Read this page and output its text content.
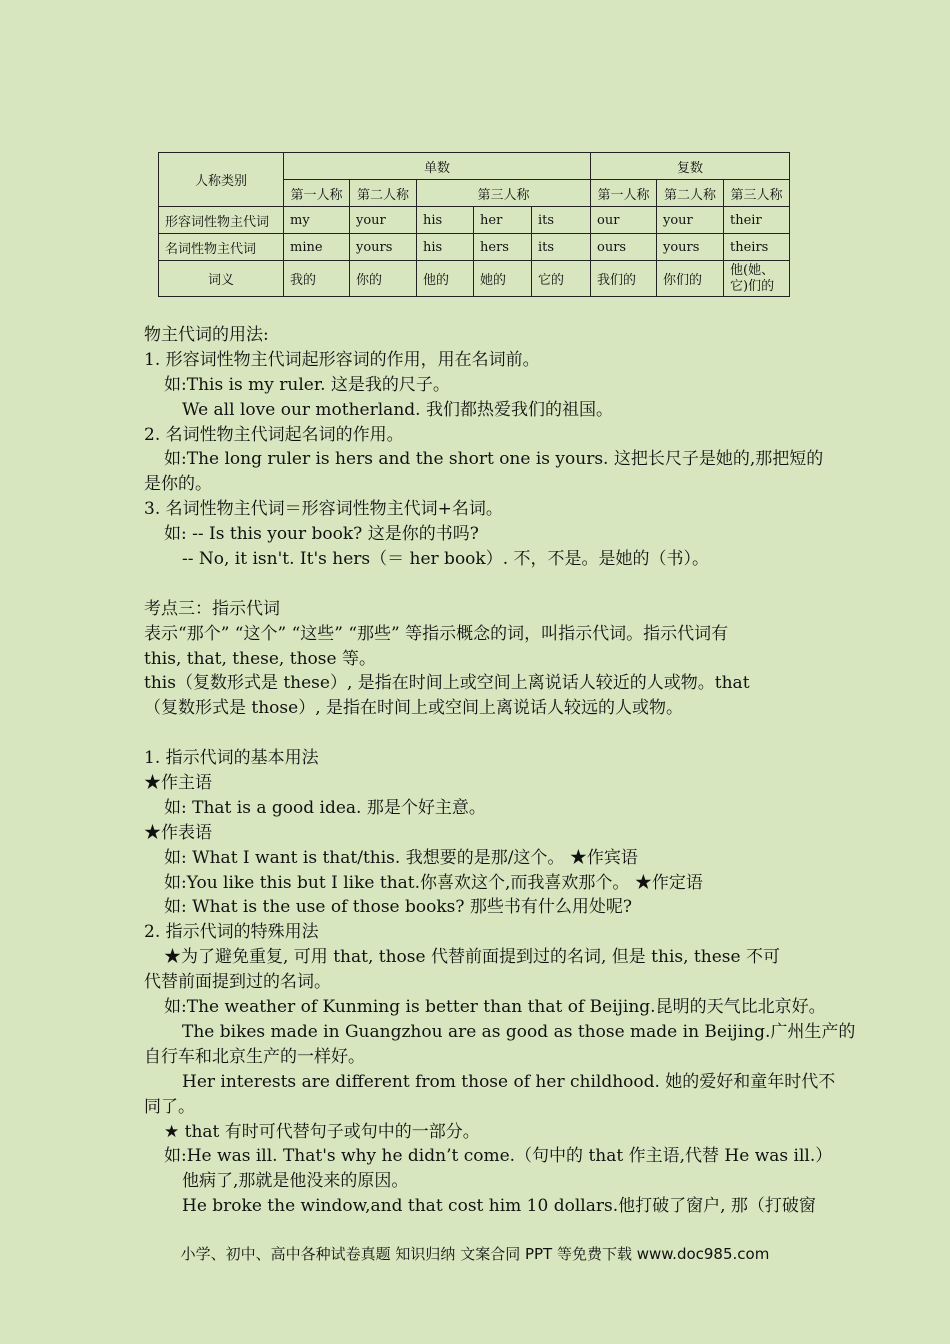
人称类别	单数					复数		
	第一人称	第二人称	第三人称			第一人称	第二人称	第三人称
形容词性物主代词	my	your	his	her	its	our	your	their
名词性物主代词	mine	yours	his	hers	its	ours	yours	theirs
词义	我的	你的	他的	她的	它的	我们的	你们的	他(她、它)们的
物主代词的用法:
1. 形容词性物主代词起形容词的作用，用在名词前。
如:This is my ruler. 这是我的尺子。
We all love our motherland. 我们都热爱我们的祖国。
2. 名词性物主代词起名词的作用。
如:The long ruler is hers and the short one is yours. 这把长尺子是她的,那把短的
是你的。
3. 名词性物主代词＝形容词性物主代词+名词。
如: -- Is this your book? 这是你的书吗?
-- No, it isn't. It's hers（＝ her book）. 不，不是。是她的（书）。
考点三：指示代词
表示“那个” “这个” “这些” “那些” 等指示概念的词，叫指示代词。指示代词有
this, that, these, those 等。
this（复数形式是 these）, 是指在时间上或空间上离说话人较近的人或物。that
（复数形式是 those）, 是指在时间上或空间上离说话人较远的人或物。
1. 指示代词的基本用法
★作主语
如: That is a good idea. 那是个好主意。
★作表语
如: What I want is that/this. 我想要的是那/这个。 ★作宾语
如:You like this but I like that.你喜欢这个,而我喜欢那个。 ★作定语
如: What is the use of those books? 那些书有什么用处呢?
2. 指示代词的特殊用法
★为了避免重复, 可用 that, those 代替前面提到过的名词, 但是 this, these 不可
代替前面提到过的名词。
如:The weather of Kunming is better than that of Beijing.昆明的天气比北京好。
The bikes made in Guangzhou are as good as those made in Beijing.广州生产的
自行车和北京生产的一样好。
Her interests are different from those of her childhood. 她的爱好和童年时代不
同了。
★ that 有时可代替句子或句中的一部分。
如:He was ill. That's why he didn’t come.（句中的 that 作主语,代替 He was ill.）
他病了,那就是他没来的原因。
He broke the window,and that cost him 10 dollars.他打破了窗户, 那（打破窗
小学、初中、高中各种试卷真题 知识归纳 文案合同 PPT 等免费下载 www.doc985.com
